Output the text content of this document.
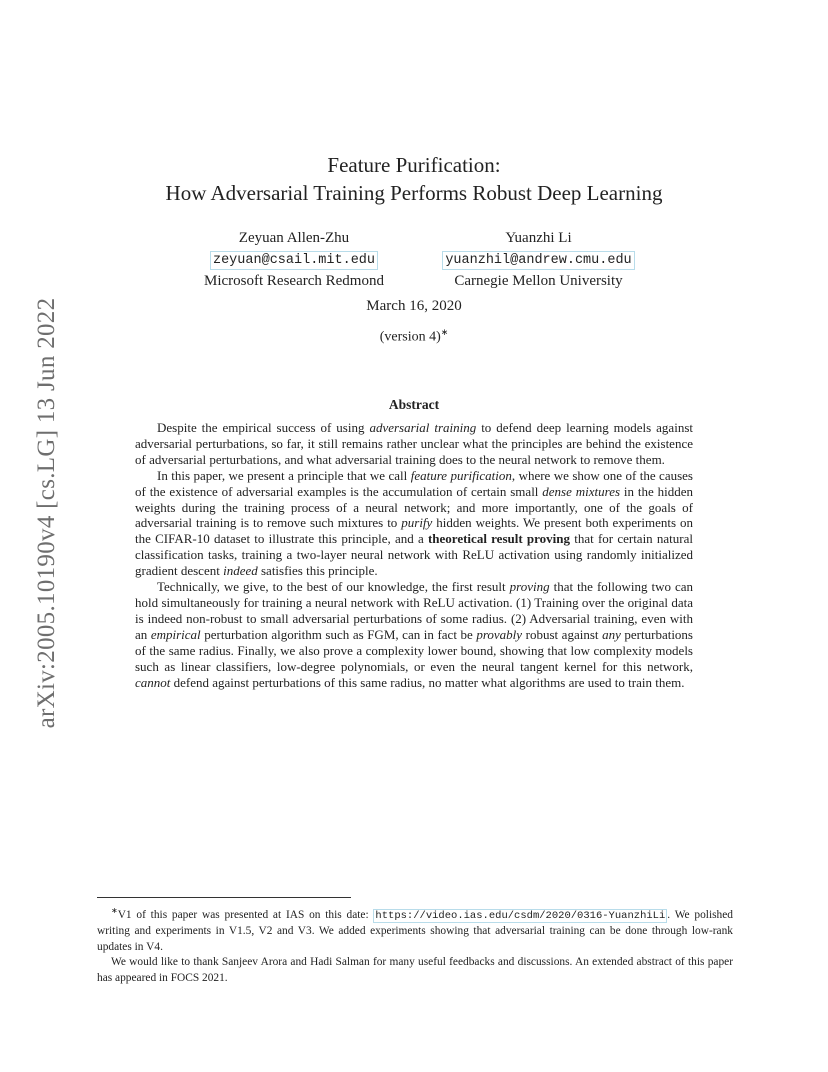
arXiv:2005.10190v4 [cs.LG] 13 Jun 2022
Feature Purification:
How Adversarial Training Performs Robust Deep Learning
Zeyuan Allen-Zhu
zeyuan@csail.mit.edu
Microsoft Research Redmond
Yuanzhi Li
yuanzhil@andrew.cmu.edu
Carnegie Mellon University
March 16, 2020
(version 4)∗
Abstract

Despite the empirical success of using adversarial training to defend deep learning models against adversarial perturbations, so far, it still remains rather unclear what the principles are behind the existence of adversarial perturbations, and what adversarial training does to the neural network to remove them.

In this paper, we present a principle that we call feature purification, where we show one of the causes of the existence of adversarial examples is the accumulation of certain small dense mixtures in the hidden weights during the training process of a neural network; and more importantly, one of the goals of adversarial training is to remove such mixtures to purify hidden weights. We present both experiments on the CIFAR-10 dataset to illustrate this principle, and a theoretical result proving that for certain natural classification tasks, training a two-layer neural network with ReLU activation using randomly initialized gradient descent indeed satisfies this principle.

Technically, we give, to the best of our knowledge, the first result proving that the following two can hold simultaneously for training a neural network with ReLU activation. (1) Training over the original data is indeed non-robust to small adversarial perturbations of some radius. (2) Adversarial training, even with an empirical perturbation algorithm such as FGM, can in fact be provably robust against any perturbations of the same radius. Finally, we also prove a complexity lower bound, showing that low complexity models such as linear classifiers, low-degree polynomials, or even the neural tangent kernel for this network, cannot defend against perturbations of this same radius, no matter what algorithms are used to train them.

∗V1 of this paper was presented at IAS on this date: https://video.ias.edu/csdm/2020/0316-YuanzhiLi . We polished writing and experiments in V1.5, V2 and V3. We added experiments showing that adversarial training can be done through low-rank updates in V4.

We would like to thank Sanjeev Arora and Hadi Salman for many useful feedbacks and discussions. An extended abstract of this paper has appeared in FOCS 2021.
